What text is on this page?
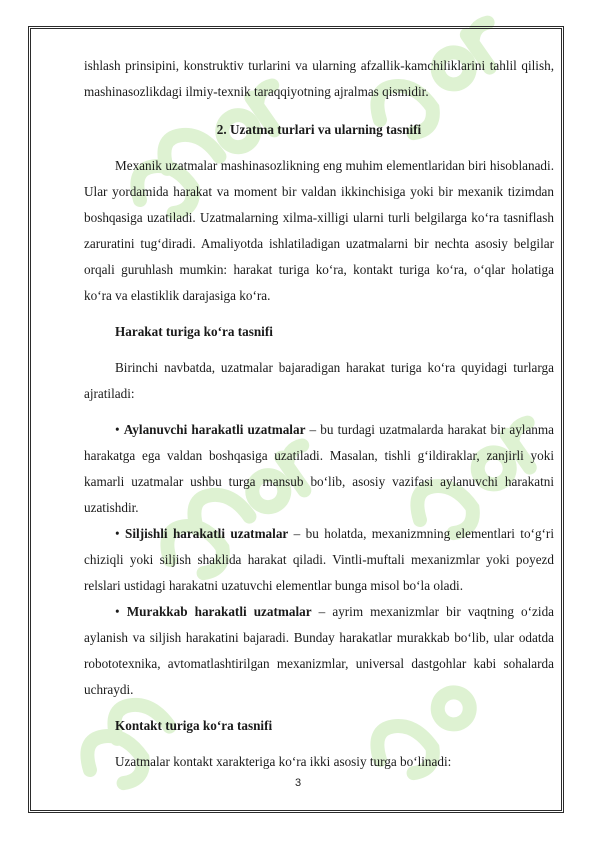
ishlash prinsipini, konstruktiv turlarini va ularning afzallik-kamchiliklarini tahlil qilish, mashinasozlikdagi ilmiy-texnik taraqqiyotning ajralmas qismidir.

2. Uzatma turlari va ularning tasnifi

Mexanik uzatmalar mashinasozlikning eng muhim elementlaridan biri hisoblanadi. Ular yordamida harakat va moment bir valdan ikkinchisiga yoki bir mexanik tizimdan boshqasiga uzatiladi. Uzatmalarning xilma-xilligi ularni turli belgilarga ko‘ra tasniflash zaruratini tug‘diradi. Amaliyotda ishlatiladigan uzatmalarni bir nechta asosiy belgilar orqali guruhlash mumkin: harakat turiga ko‘ra, kontakt turiga ko‘ra, o‘qlar holatiga ko‘ra va elastiklik darajasiga ko‘ra.

Harakat turiga ko‘ra tasnifi

Birinchi navbatda, uzatmalar bajaradigan harakat turiga ko‘ra quyidagi turlarga ajratiladi:

• Aylanuvchi harakatli uzatmalar – bu turdagi uzatmalarda harakat bir aylanma harakatga ega valdan boshqasiga uzatiladi. Masalan, tishli g‘ildiraklar, zanjirli yoki kamarli uzatmalar ushbu turga mansub bo‘lib, asosiy vazifasi aylanuvchi harakatni uzatishdir.

• Siljishli harakatli uzatmalar – bu holatda, mexanizmning elementlari to‘g‘ri chiziqli yoki siljish shaklida harakat qiladi. Vintli-muftali mexanizmlar yoki poyezd relslari ustidagi harakatni uzatuvchi elementlar bunga misol bo‘la oladi.

• Murakkab harakatli uzatmalar – ayrim mexanizmlar bir vaqtning o‘zida aylanish va siljish harakatini bajaradi. Bunday harakatlar murakkab bo‘lib, ular odatda robototexnika, avtomatlashtirilgan mexanizmlar, universal dastgohlar kabi sohalarda uchraydi.

Kontakt turiga ko‘ra tasnifi

Uzatmalar kontakt xarakteriga ko‘ra ikki asosiy turga bo‘linadi:

3
